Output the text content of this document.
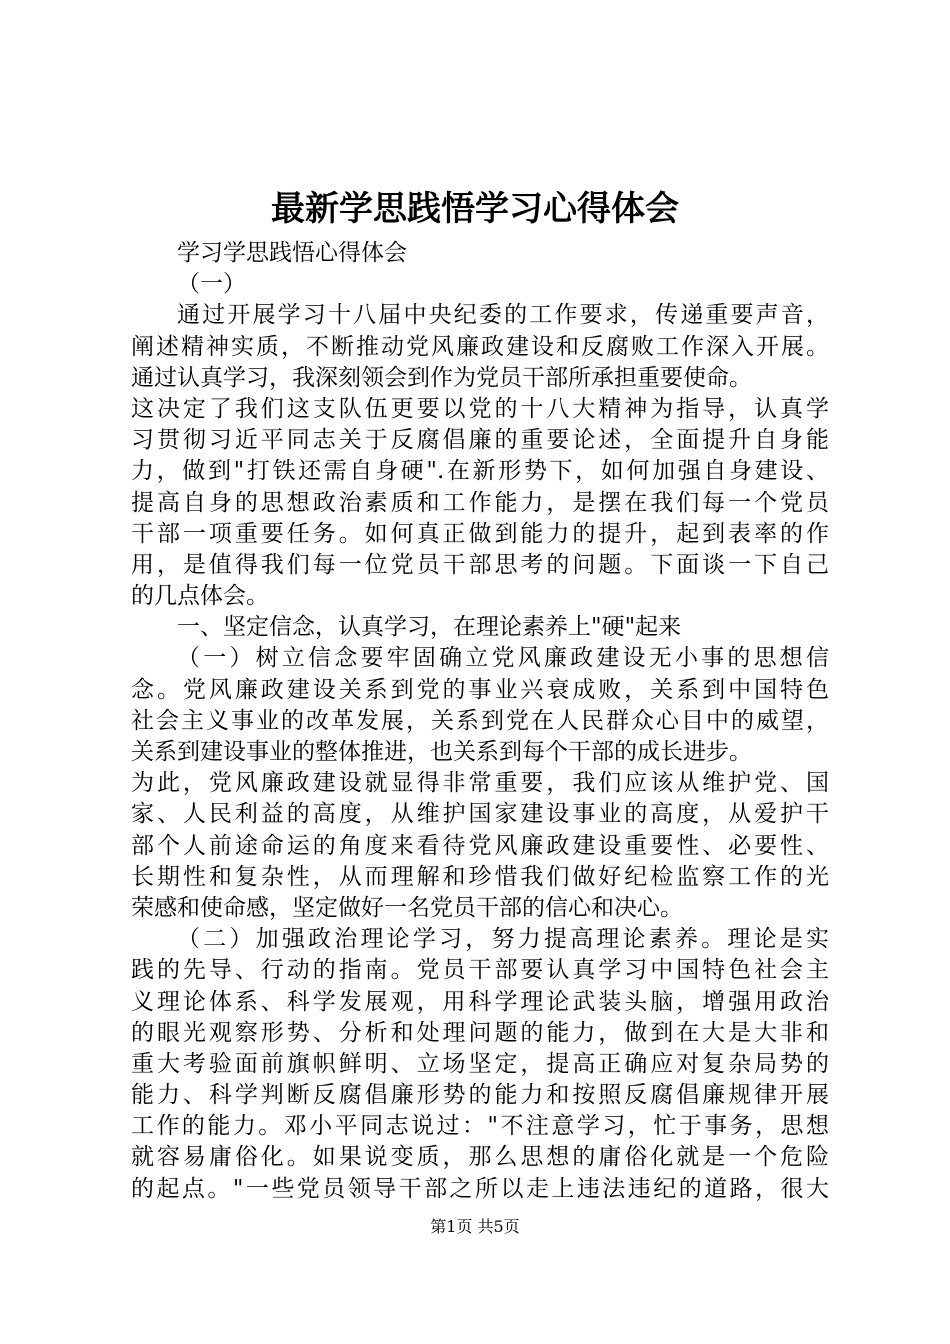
最新学思践悟学习心得体会
学习学思践悟心得体会
（一）
通过开展学习十八届中央纪委的工作要求，传递重要声音，
阐述精神实质，不断推动党风廉政建设和反腐败工作深入开展。
通过认真学习，我深刻领会到作为党员干部所承担重要使命。
这决定了我们这支队伍更要以党的十八大精神为指导，认真学
习贯彻习近平同志关于反腐倡廉的重要论述，全面提升自身能
力，做到"打铁还需自身硬".在新形势下，如何加强自身建设、
提高自身的思想政治素质和工作能力，是摆在我们每一个党员
干部一项重要任务。如何真正做到能力的提升，起到表率的作
用，是值得我们每一位党员干部思考的问题。下面谈一下自己
的几点体会。
一、坚定信念，认真学习，在理论素养上"硬"起来
（一）树立信念要牢固确立党风廉政建设无小事的思想信
念。党风廉政建设关系到党的事业兴衰成败，关系到中国特色
社会主义事业的改革发展，关系到党在人民群众心目中的威望，
关系到建设事业的整体推进，也关系到每个干部的成长进步。
为此，党风廉政建设就显得非常重要，我们应该从维护党、国
家、人民利益的高度，从维护国家建设事业的高度，从爱护干
部个人前途命运的角度来看待党风廉政建设重要性、必要性、
长期性和复杂性，从而理解和珍惜我们做好纪检监察工作的光
荣感和使命感，坚定做好一名党员干部的信心和决心。
（二）加强政治理论学习，努力提高理论素养。理论是实
践的先导、行动的指南。党员干部要认真学习中国特色社会主
义理论体系、科学发展观，用科学理论武装头脑，增强用政治
的眼光观察形势、分析和处理问题的能力，做到在大是大非和
重大考验面前旗帜鲜明、立场坚定，提高正确应对复杂局势的
能力、科学判断反腐倡廉形势的能力和按照反腐倡廉规律开展
工作的能力。邓小平同志说过："不注意学习，忙于事务，思想
就容易庸俗化。如果说变质，那么思想的庸俗化就是一个危险
的起点。"一些党员领导干部之所以走上违法违纪的道路，很大
第1页 共5页
